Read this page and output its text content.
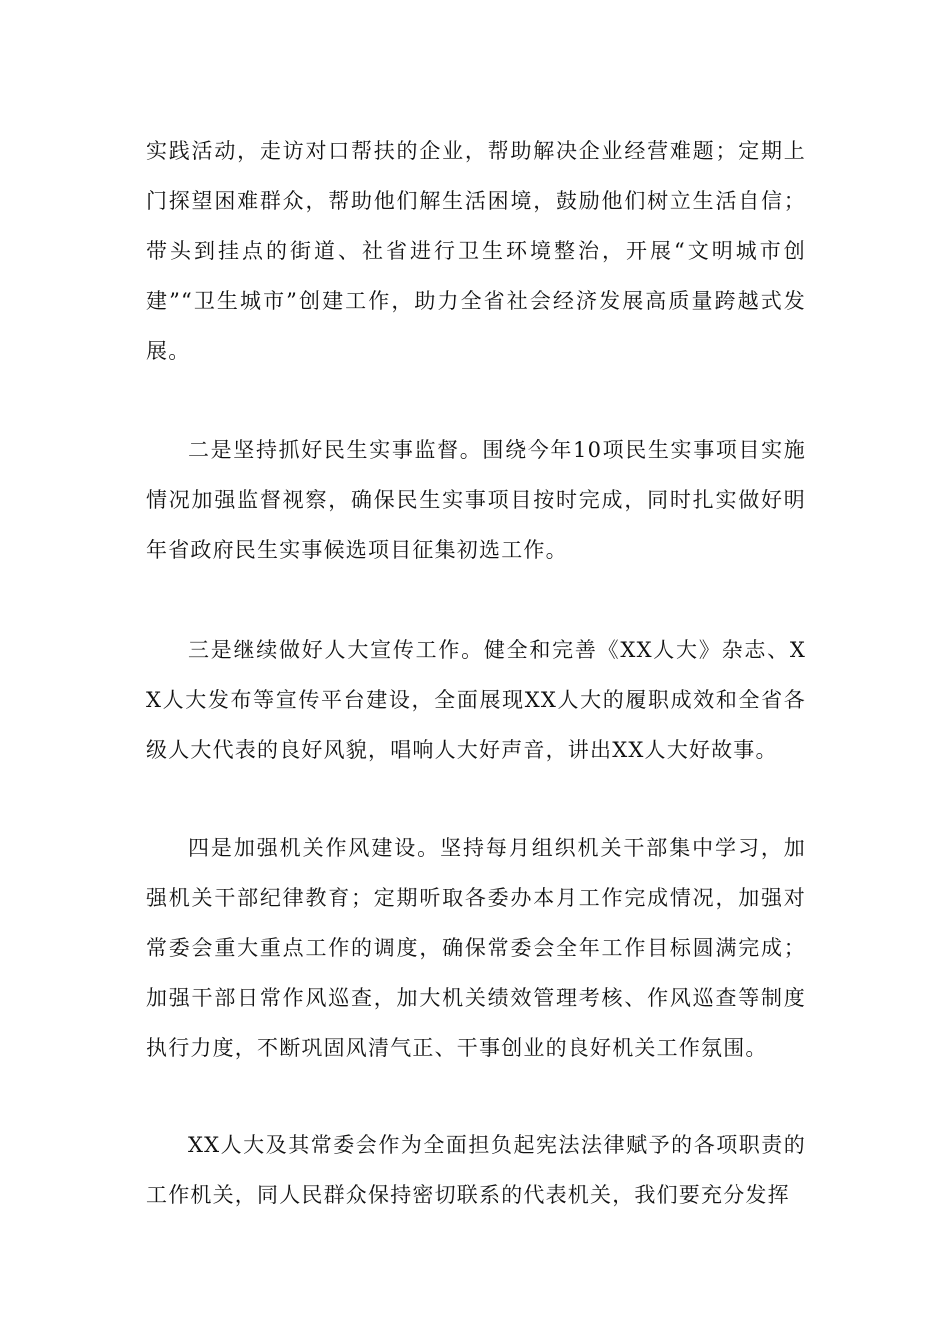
实践活动，走访对口帮扶的企业，帮助解决企业经营难题；定期上门探望困难群众，帮助他们解生活困境，鼓励他们树立生活自信；带头到挂点的街道、社省进行卫生环境整治，开展“文明城市创建”“卫生城市”创建工作，助力全省社会经济发展高质量跨越式发展。

二是坚持抓好民生实事监督。围绕今年10项民生实事项目实施情况加强监督视察，确保民生实事项目按时完成，同时扎实做好明年省政府民生实事候选项目征集初选工作。

三是继续做好人大宣传工作。健全和完善《XX人大》杂志、XX人大发布等宣传平台建设，全面展现XX人大的履职成效和全省各级人大代表的良好风貌，唱响人大好声音，讲出XX人大好故事。

四是加强机关作风建设。坚持每月组织机关干部集中学习，加强机关干部纪律教育；定期听取各委办本月工作完成情况，加强对常委会重大重点工作的调度，确保常委会全年工作目标圆满完成；加强干部日常作风巡查，加大机关绩效管理考核、作风巡查等制度执行力度，不断巩固风清气正、干事创业的良好机关工作氛围。

XX人大及其常委会作为全面担负起宪法法律赋予的各项职责的工作机关，同人民群众保持密切联系的代表机关，我们要充分发挥
